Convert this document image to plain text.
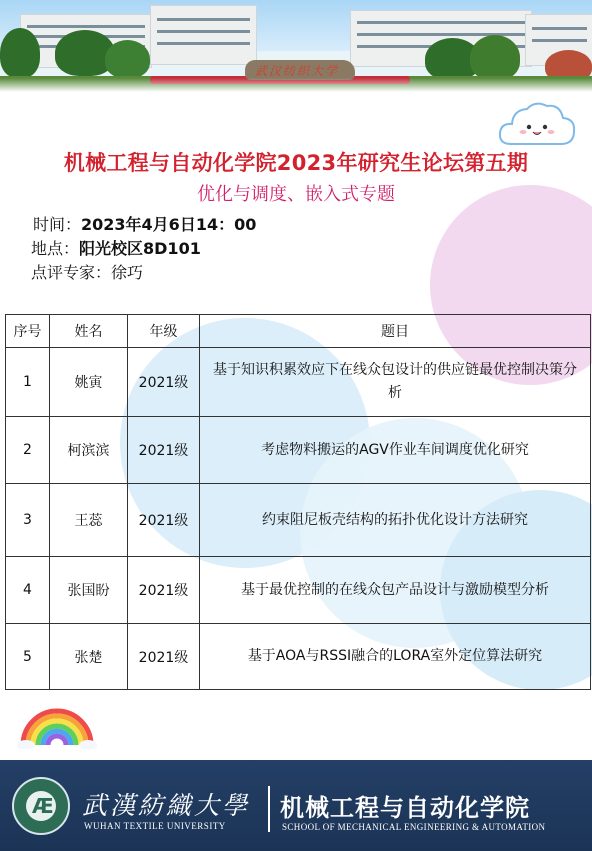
武汉纺织大学
机械工程与自动化学院2023年研究生论坛第五期
优化与调度、嵌入式专题
时间：2023年4月6日14：00
地点：阳光校区8D101
点评专家：徐巧
序号	姓名	年级	题目
1	姚寅	2021级	基于知识积累效应下在线众包设计的供应链最优控制决策分析
2	柯滨滨	2021级	考虑物料搬运的AGV作业车间调度优化研究
3	王蕊	2021级	约束阻尼板壳结构的拓扑优化设计方法研究
4	张国盼	2021级	基于最优控制的在线众包产品设计与激励模型分析
5	张楚	2021级	基于AOA与RSSI融合的LORA室外定位算法研究
Æ 武漢紡織大學
WUHAN TEXTILE UNIVERSITY
机械工程与自动化学院
SCHOOL OF MECHANICAL ENGINEERING & AUTOMATION
